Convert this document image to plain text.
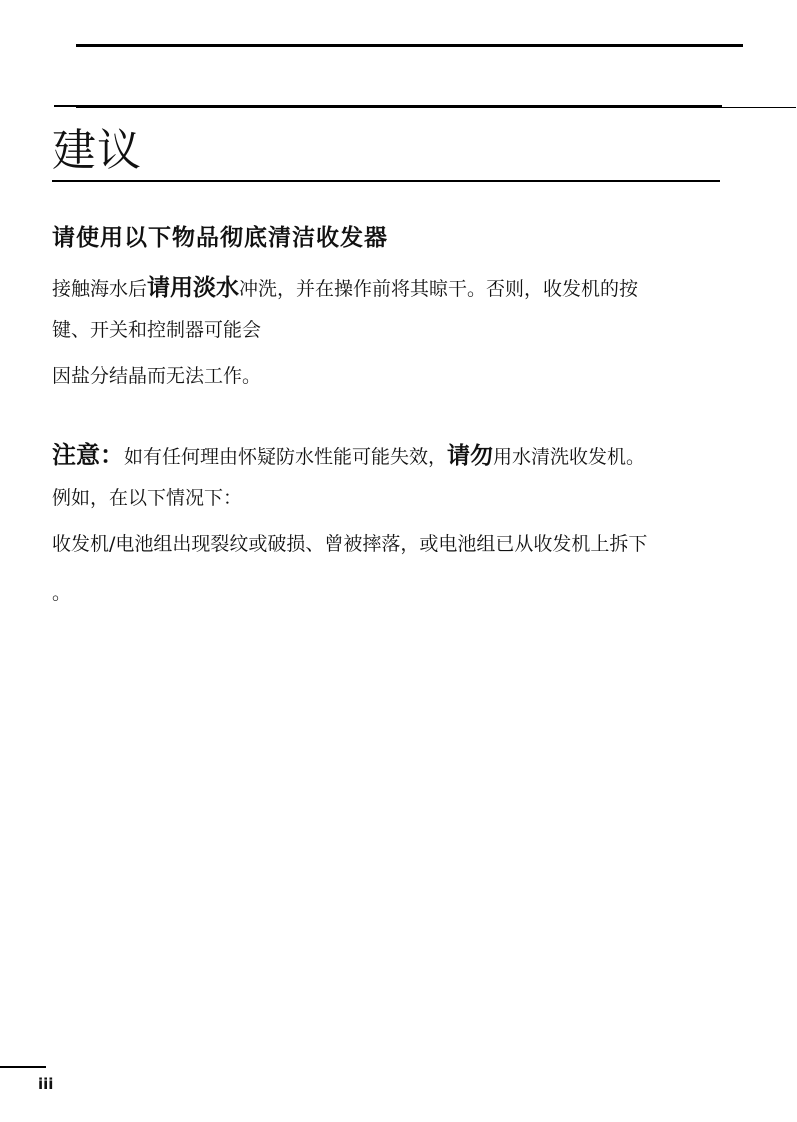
建议
请使用以下物品彻底清洁收发器

接触海水后请用淡水冲洗，并在操作前将其晾干。否则，收发机的按

键、开关和控制器可能会

因盐分结晶而无法工作。

注意：如有任何理由怀疑防水性能可能失效，请勿用水清洗收发机。

例如，在以下情况下：

收发机/电池组出现裂纹或破损、曾被摔落，或电池组已从收发机上拆下

。

iii
